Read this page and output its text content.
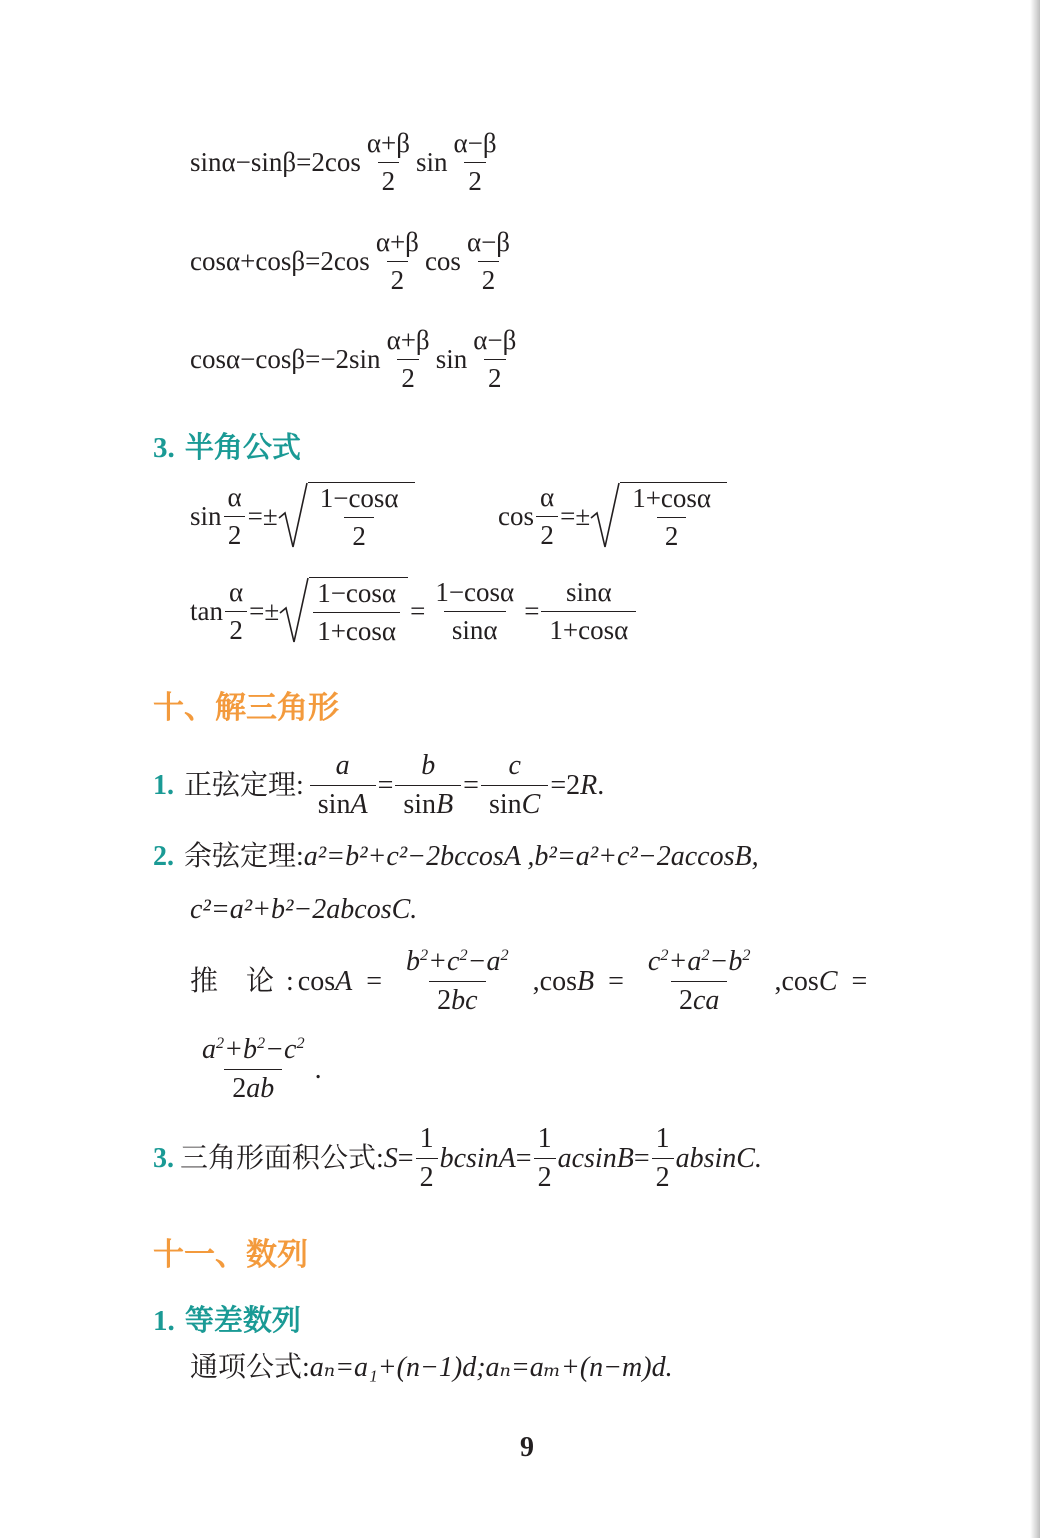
$\sin\alpha-\sin\beta=2\cos \frac{\alpha+\beta}{2}$ $\sin \frac{\alpha-\beta}{2}$
$\cos\alpha+\cos\beta=2\cos \frac{\alpha+\beta}{2}$ $\cos \frac{\alpha-\beta}{2}$
$\cos\alpha-\cos\beta=-2\sin \frac{\alpha+\beta}{2}$ $\sin \frac{\alpha-\beta}{2}$
3. 半角公式
$\sin \frac{\alpha}{2} =\pm \frac{1-\cos\alpha}{2}$	$\cos \frac{\alpha}{2} =\pm \frac{1+\cos\alpha}{2}$
$\tan \frac{\alpha}{2} =\pm \frac{1-\cos\alpha}{1+\cos\alpha} = \frac{1-\cos\alpha}{\sin\alpha} = \frac{\sin\alpha}{1+\cos\alpha}$
十、解三角形
1. 正弦定理: $\frac{a}{\sin A} = \frac{b}{\sin B} = \frac{c}{\sin C} =2$ R .
2. 余弦定理: a²=b²+c²−2bccosA ,b²=a²+c²−2accosB,
c²=a²+b²−2abcosC.
推　论 : $\cos A = \frac{b^2+c^2-a^2}{2bc}$ , $\cos B = \frac{c^2+a^2-b^2}{2ca}$ , cos C =
$\frac{a^2+b^2-c^2}{2ab}$ .
3. 三角形面积公式: $S = \frac{1}{2}$ $bcsinA = \frac{1}{2}$ $acsinB = \frac{1}{2} absinC$.
十一、数列
1. 等差数列
通项公式: aₙ=a₁+(n−1)d;aₙ=aₘ+(n−m)d.
9
